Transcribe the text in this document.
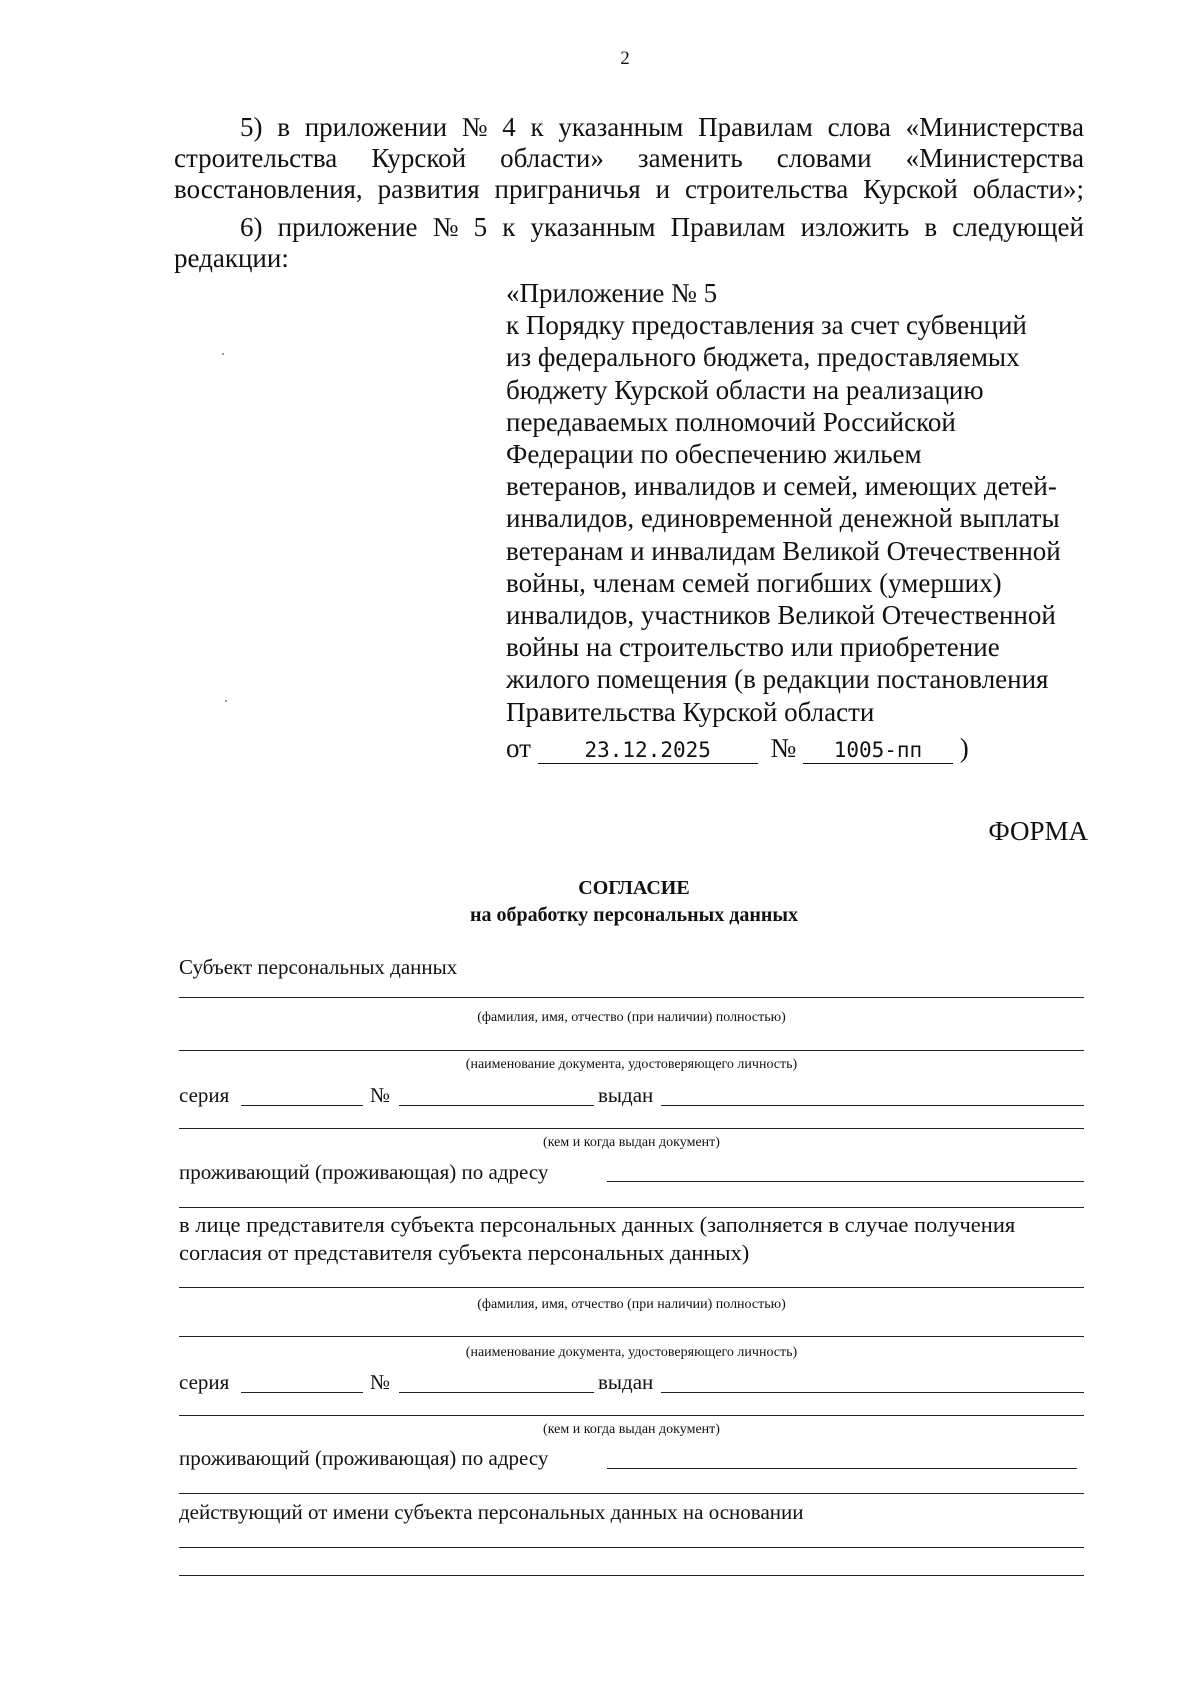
2
5) в приложении № 4 к указанным Правилам слова «Министерства
строительства Курской области» заменить словами «Министерства
восстановления, развития приграничья и строительства Курской области»;
6) приложение № 5 к указанным Правилам изложить в следующей
редакции:
«Приложение № 5
к Порядку предоставления за счет субвенций
из федерального бюджета, предоставляемых
бюджету Курской области на реализацию
передаваемых полномочий Российской
Федерации по обеспечению жильем
ветеранов, инвалидов и семей, имеющих детей-
инвалидов, единовременной денежной выплаты
ветеранам и инвалидам Великой Отечественной
войны, членам семей погибших (умерших)
инвалидов, участников Великой Отечественной
войны на строительство или приобретение
жилого помещения (в редакции постановления
Правительства Курской области
от	23.12.2025 № 1005-пп )
ФОРМА
СОГЛАСИЕ
на обработку персональных данных
Субъект персональных данных
(фамилия, имя, отчество (при наличии) полностью)
(наименование документа, удостоверяющего личность)
серия	№	выдан
(кем и когда выдан документ)
проживающий (проживающая) по адресу
в лице представителя субъекта персональных данных (заполняется в случае получения
согласия от представителя субъекта персональных данных)
(фамилия, имя, отчество (при наличии) полностью)
(наименование документа, удостоверяющего личность)
серия	№	выдан
(кем и когда выдан документ)
проживающий (проживающая) по адресу
действующий от имени субъекта персональных данных на основании
